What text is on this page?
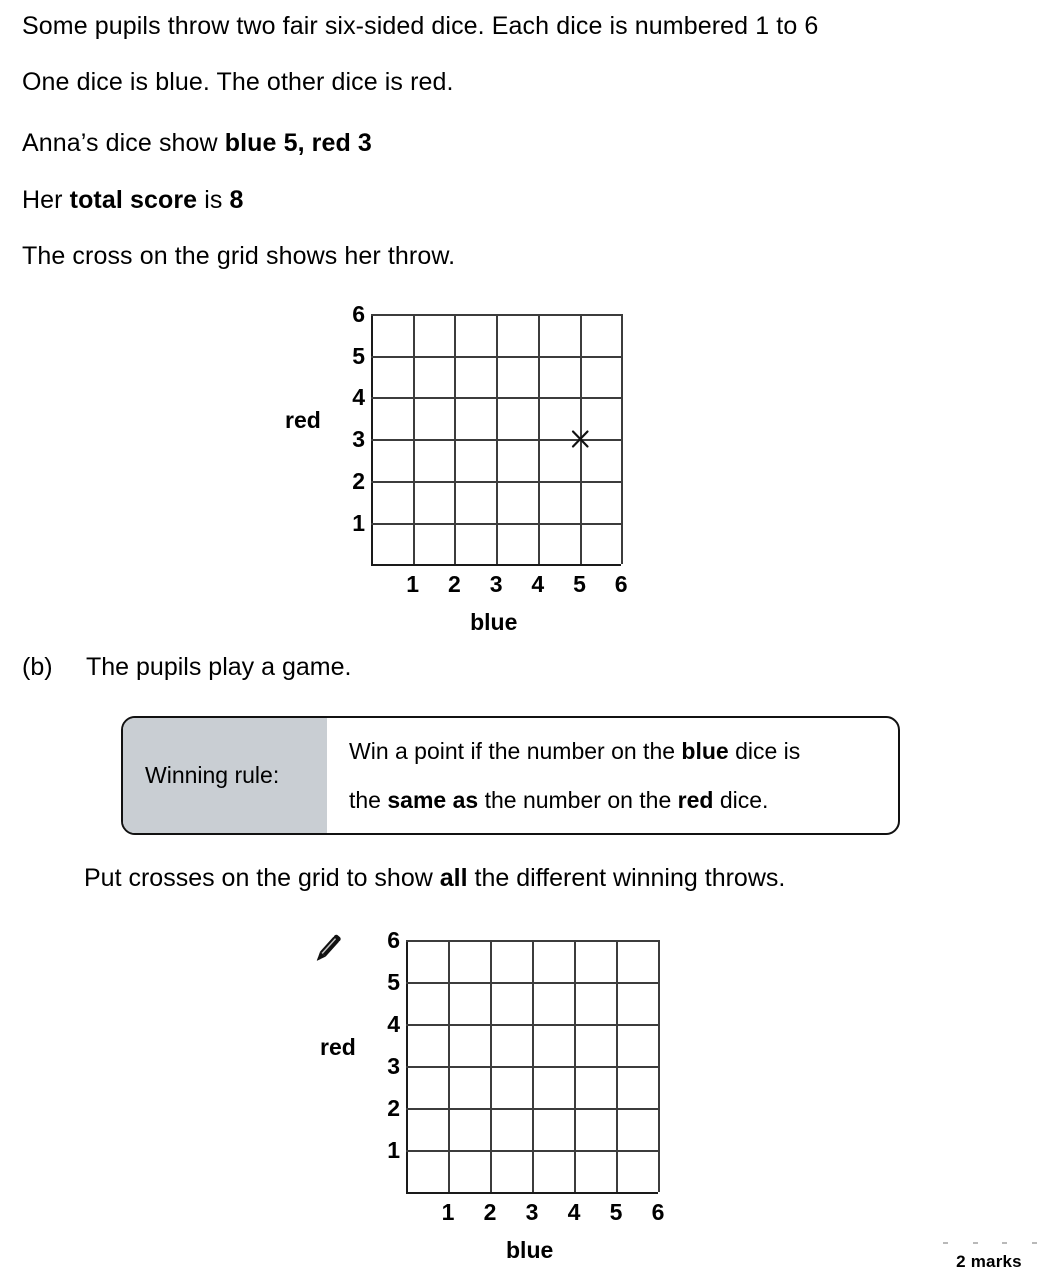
Some pupils throw two fair six-sided dice. Each dice is numbered 1 to 6
One dice is blue. The other dice is red.
Anna’s dice show blue 5, red 3
Her total score is 8
The cross on the grid shows her throw.
1
2
3
4
5
6
1 2 3 4 5 6
red
blue
(b) The pupils play a game.
Winning rule:
Win a point if the number on the blue dice is
the same as the number on the red dice.
Put crosses on the grid to show all the different winning throws.
1
2
3
4
5
6
1 2 3 4 5 6
red
blue	2 marks
